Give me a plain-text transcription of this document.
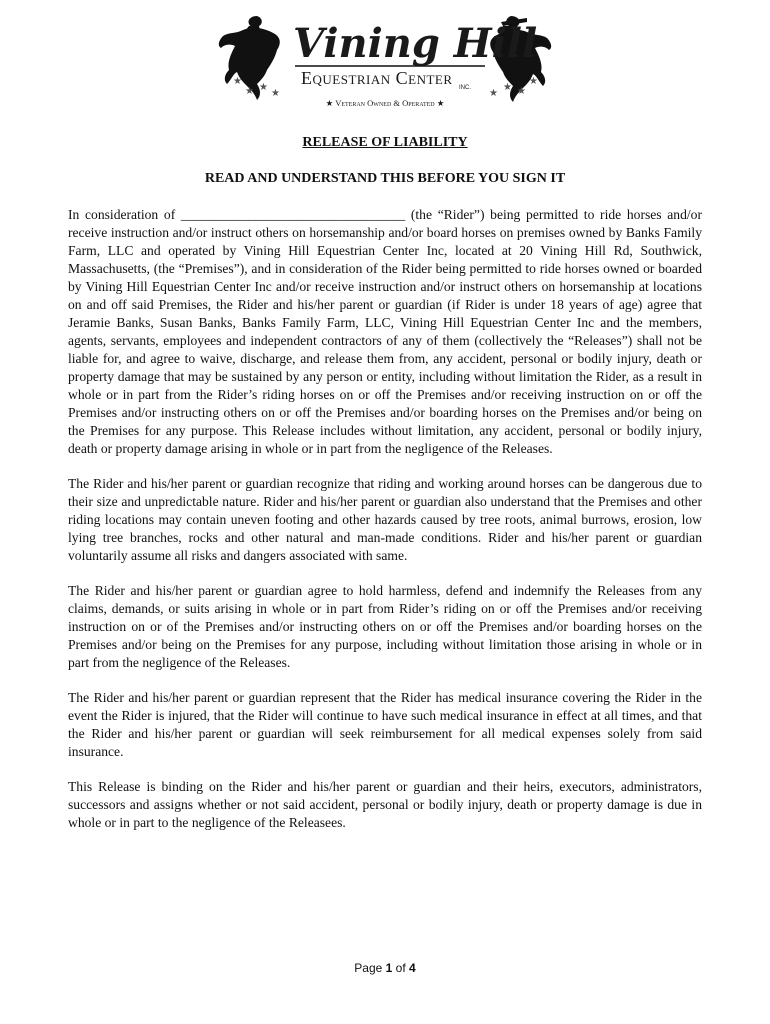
★
★ ★
★	★
★ ★
★
Vining Hill
Equestrian Center INC.
★ Veteran Owned & Operated ★
RELEASE OF LIABILITY
READ AND UNDERSTAND THIS BEFORE YOU SIGN IT

In consideration of _________________________________ (the “Rider”) being permitted to ride horses and/or receive instruction and/or instruct others on horsemanship and/or board horses on premises owned by Banks Family Farm, LLC and operated by Vining Hill Equestrian Center Inc, located at 20 Vining Hill Rd, Southwick, Massachusetts, (the “Premises”), and in consideration of the Rider being permitted to ride horses owned or boarded by Vining Hill Equestrian Center Inc and/or receive instruction and/or instruct others on horsemanship at locations on and off said Premises, the Rider and his/her parent or guardian (if Rider is under 18 years of age) agree that Jeramie Banks, Susan Banks, Banks Family Farm, LLC, Vining Hill Equestrian Center Inc and the members, agents, servants, employees and independent contractors of any of them (collectively the “Releases”) shall not be liable for, and agree to waive, discharge, and release them from, any accident, personal or bodily injury, death or property damage that may be sustained by any person or entity, including without limitation the Rider, as a result in whole or in part from the Rider’s riding horses on or off the Premises and/or receiving instruction on or off the Premises and/or instructing others on or off the Premises and/or boarding horses on the Premises and/or being on the Premises for any purpose. This Release includes without limitation, any accident, personal or bodily injury, death or property damage arising in whole or in part from the negligence of the Releases.

The Rider and his/her parent or guardian recognize that riding and working around horses can be dangerous due to their size and unpredictable nature. Rider and his/her parent or guardian also understand that the Premises and other riding locations may contain uneven footing and other hazards caused by tree roots, animal burrows, erosion, low lying tree branches, rocks and other natural and man-made conditions. Rider and his/her parent or guardian voluntarily assume all risks and dangers associated with same.

The Rider and his/her parent or guardian agree to hold harmless, defend and indemnify the Releases from any claims, demands, or suits arising in whole or in part from Rider’s riding on or off the Premises and/or receiving instruction on or of the Premises and/or instructing others on or off the Premises and/or boarding horses on the Premises and/or being on the Premises for any purpose, including without limitation those arising in whole or in part from the negligence of the Releases.

The Rider and his/her parent or guardian represent that the Rider has medical insurance covering the Rider in the event the Rider is injured, that the Rider will continue to have such medical insurance in effect at all times, and that the Rider and his/her parent or guardian will seek reimbursement for all medical expenses solely from said insurance.

This Release is binding on the Rider and his/her parent or guardian and their heirs, executors, administrators, successors and assigns whether or not said accident, personal or bodily injury, death or property damage is due in whole or in part to the negligence of the Releasees.

Page 1 of 4
